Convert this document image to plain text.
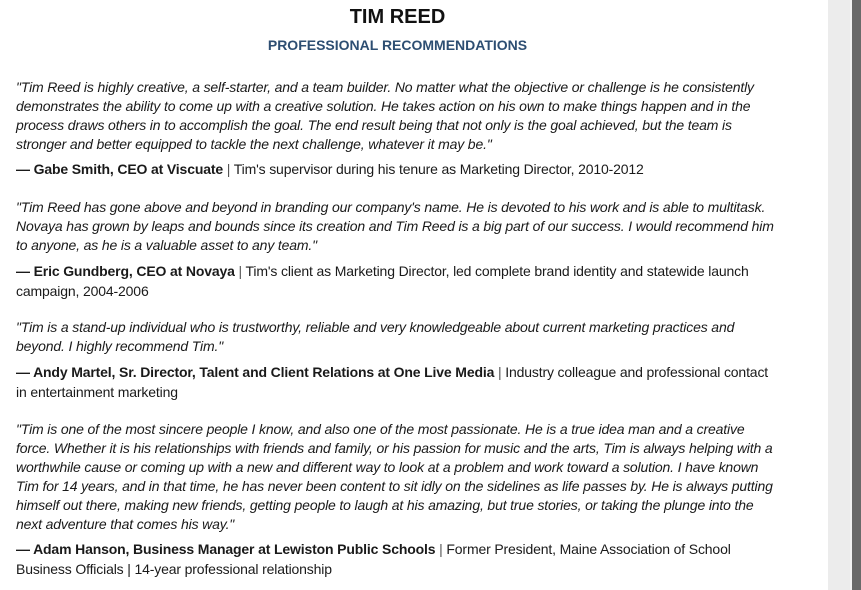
TIM REED
PROFESSIONAL RECOMMENDATIONS

"Tim Reed is highly creative, a self-starter, and a team builder. No matter what the objective or challenge is he consistently demonstrates the ability to come up with a creative solution. He takes action on his own to make things happen and in the process draws others in to accomplish the goal. The end result being that not only is the goal achieved, but the team is stronger and better equipped to tackle the next challenge, whatever it may be."

— Gabe Smith, CEO at Viscuate | Tim's supervisor during his tenure as Marketing Director, 2010-2012

"Tim Reed has gone above and beyond in branding our company's name. He is devoted to his work and is able to multitask. Novaya has grown by leaps and bounds since its creation and Tim Reed is a big part of our success. I would recommend him to anyone, as he is a valuable asset to any team."

— Eric Gundberg, CEO at Novaya | Tim's client as Marketing Director, led complete brand identity and statewide launch campaign, 2004-2006

"Tim is a stand-up individual who is trustworthy, reliable and very knowledgeable about current marketing practices and beyond. I highly recommend Tim."

— Andy Martel, Sr. Director, Talent and Client Relations at One Live Media | Industry colleague and professional contact in entertainment marketing

"Tim is one of the most sincere people I know, and also one of the most passionate. He is a true idea man and a creative force. Whether it is his relationships with friends and family, or his passion for music and the arts, Tim is always helping with a worthwhile cause or coming up with a new and different way to look at a problem and work toward a solution. I have known Tim for 14 years, and in that time, he has never been content to sit idly on the sidelines as life passes by. He is always putting himself out there, making new friends, getting people to laugh at his amazing, but true stories, or taking the plunge into the next adventure that comes his way."

— Adam Hanson, Business Manager at Lewiston Public Schools | Former President, Maine Association of School Business Officials | 14-year professional relationship
